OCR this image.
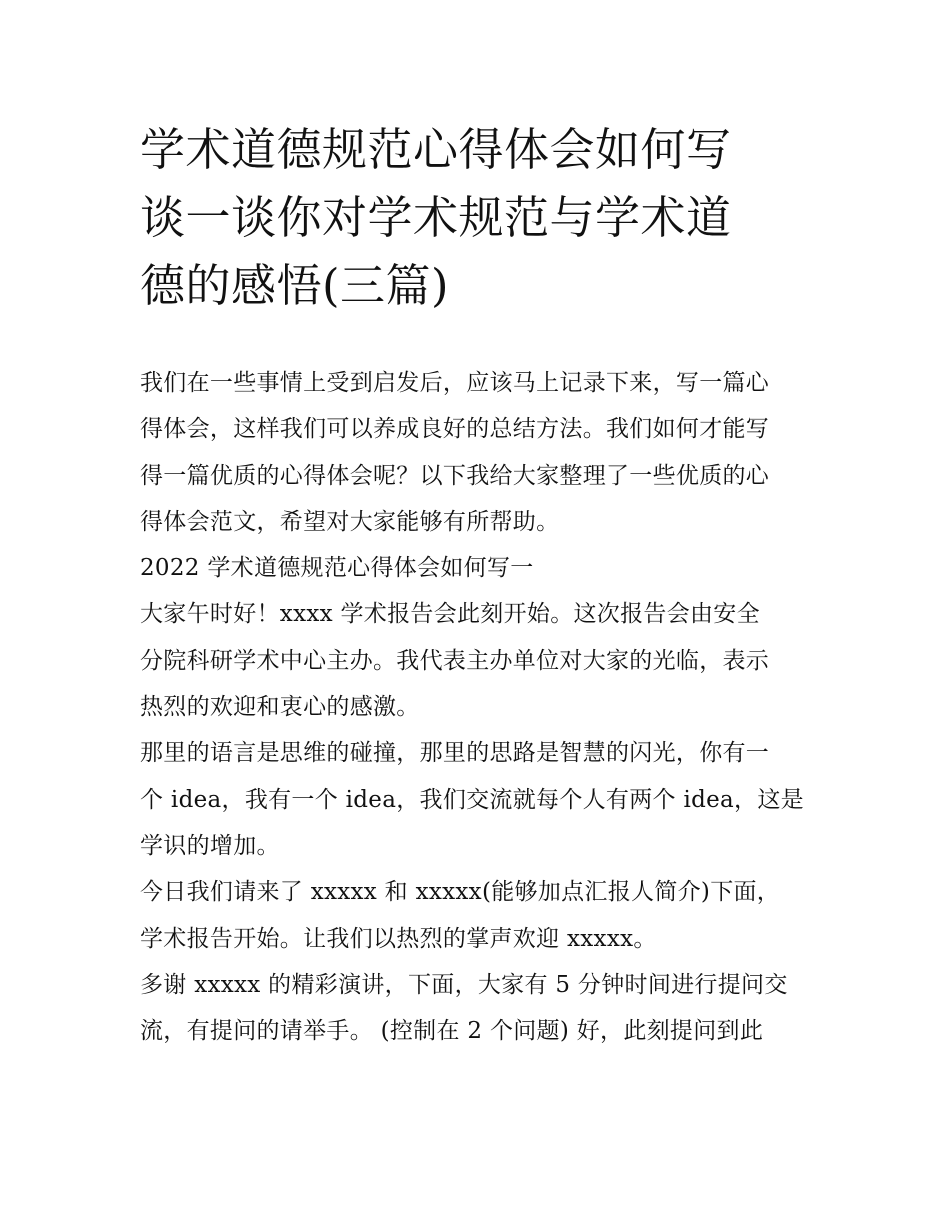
学术道德规范心得体会如何写
谈一谈你对学术规范与学术道
德的感悟(三篇)
我们在一些事情上受到启发后，应该马上记录下来，写一篇心
得体会，这样我们可以养成良好的总结方法。我们如何才能写
得一篇优质的心得体会呢？以下我给大家整理了一些优质的心
得体会范文，希望对大家能够有所帮助。
2022 学术道德规范心得体会如何写一
大家午时好！xxxx 学术报告会此刻开始。这次报告会由安全
分院科研学术中心主办。我代表主办单位对大家的光临，表示
热烈的欢迎和衷心的感激。
那里的语言是思维的碰撞，那里的思路是智慧的闪光，你有一
个 idea，我有一个 idea，我们交流就每个人有两个 idea，这是
学识的增加。
今日我们请来了 xxxxx 和 xxxxx(能够加点汇报人简介)下面，
学术报告开始。让我们以热烈的掌声欢迎 xxxxx。
多谢 xxxxx 的精彩演讲，下面，大家有 5 分钟时间进行提问交
流，有提问的请举手。 (控制在 2 个问题) 好，此刻提问到此
